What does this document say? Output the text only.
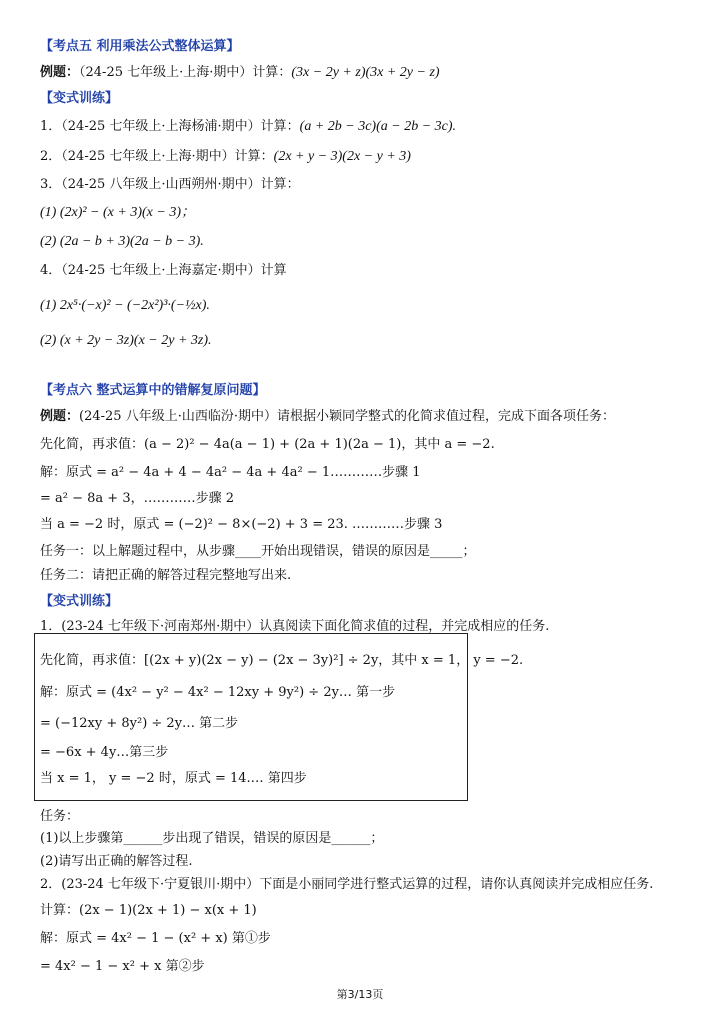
【考点五 利用乘法公式整体运算】
例题：（24-25 七年级上·上海·期中）计算：(3x − 2y + z)(3x + 2y − z)
【变式训练】
1．（24-25 七年级上·上海杨浦·期中）计算：(a + 2b − 3c)(a − 2b − 3c).
2．（24-25 七年级上·上海·期中）计算：(2x + y − 3)(2x − y + 3)
3．（24-25 八年级上·山西朔州·期中）计算：
(1) (2x)² − (x + 3)(x − 3)；
(2) (2a − b + 3)(2a − b − 3).
4．（24-25 七年级上·上海嘉定·期中）计算
(1) 2x⁵·(−x)² − (−2x²)³·(−½x).
(2) (x + 2y − 3z)(x − 2y + 3z).
【考点六 整式运算中的错解复原问题】
例题：(24-25 八年级上·山西临汾·期中）请根据小颖同学整式的化简求值过程，完成下面各项任务：
先化简，再求值：(a − 2)² − 4a(a − 1) + (2a + 1)(2a − 1)，其中 a = −2.
解：原式 = a² − 4a + 4 − 4a² − 4a + 4a² − 1…………步骤 1
= a² − 8a + 3，…………步骤 2
当 a = −2 时，原式 = (−2)² − 8×(−2) + 3 = 23. …………步骤 3
任务一：以上解题过程中，从步骤____开始出现错误，错误的原因是_____；
任务二：请把正确的解答过程完整地写出来.
【变式训练】
1．(23-24 七年级下·河南郑州·期中）认真阅读下面化简求值的过程，并完成相应的任务.
先化简，再求值：[(2x + y)(2x − y) − (2x − 3y)²] ÷ 2y，其中 x = 1， y = −2.
解：原式 = (4x² − y² − 4x² − 12xy + 9y²) ÷ 2y… 第一步
= (−12xy + 8y²) ÷ 2y… 第二步
= −6x + 4y…第三步
当 x = 1， y = −2 时，原式 = 14.… 第四步
任务：
(1)以上步骤第______步出现了错误，错误的原因是______；
(2)请写出正确的解答过程.
2．(23-24 七年级下·宁夏银川·期中）下面是小丽同学进行整式运算的过程，请你认真阅读并完成相应任务.
计算：(2x − 1)(2x + 1) − x(x + 1)
解：原式 = 4x² − 1 − (x² + x) 第①步
= 4x² − 1 − x² + x 第②步
第3/13页
